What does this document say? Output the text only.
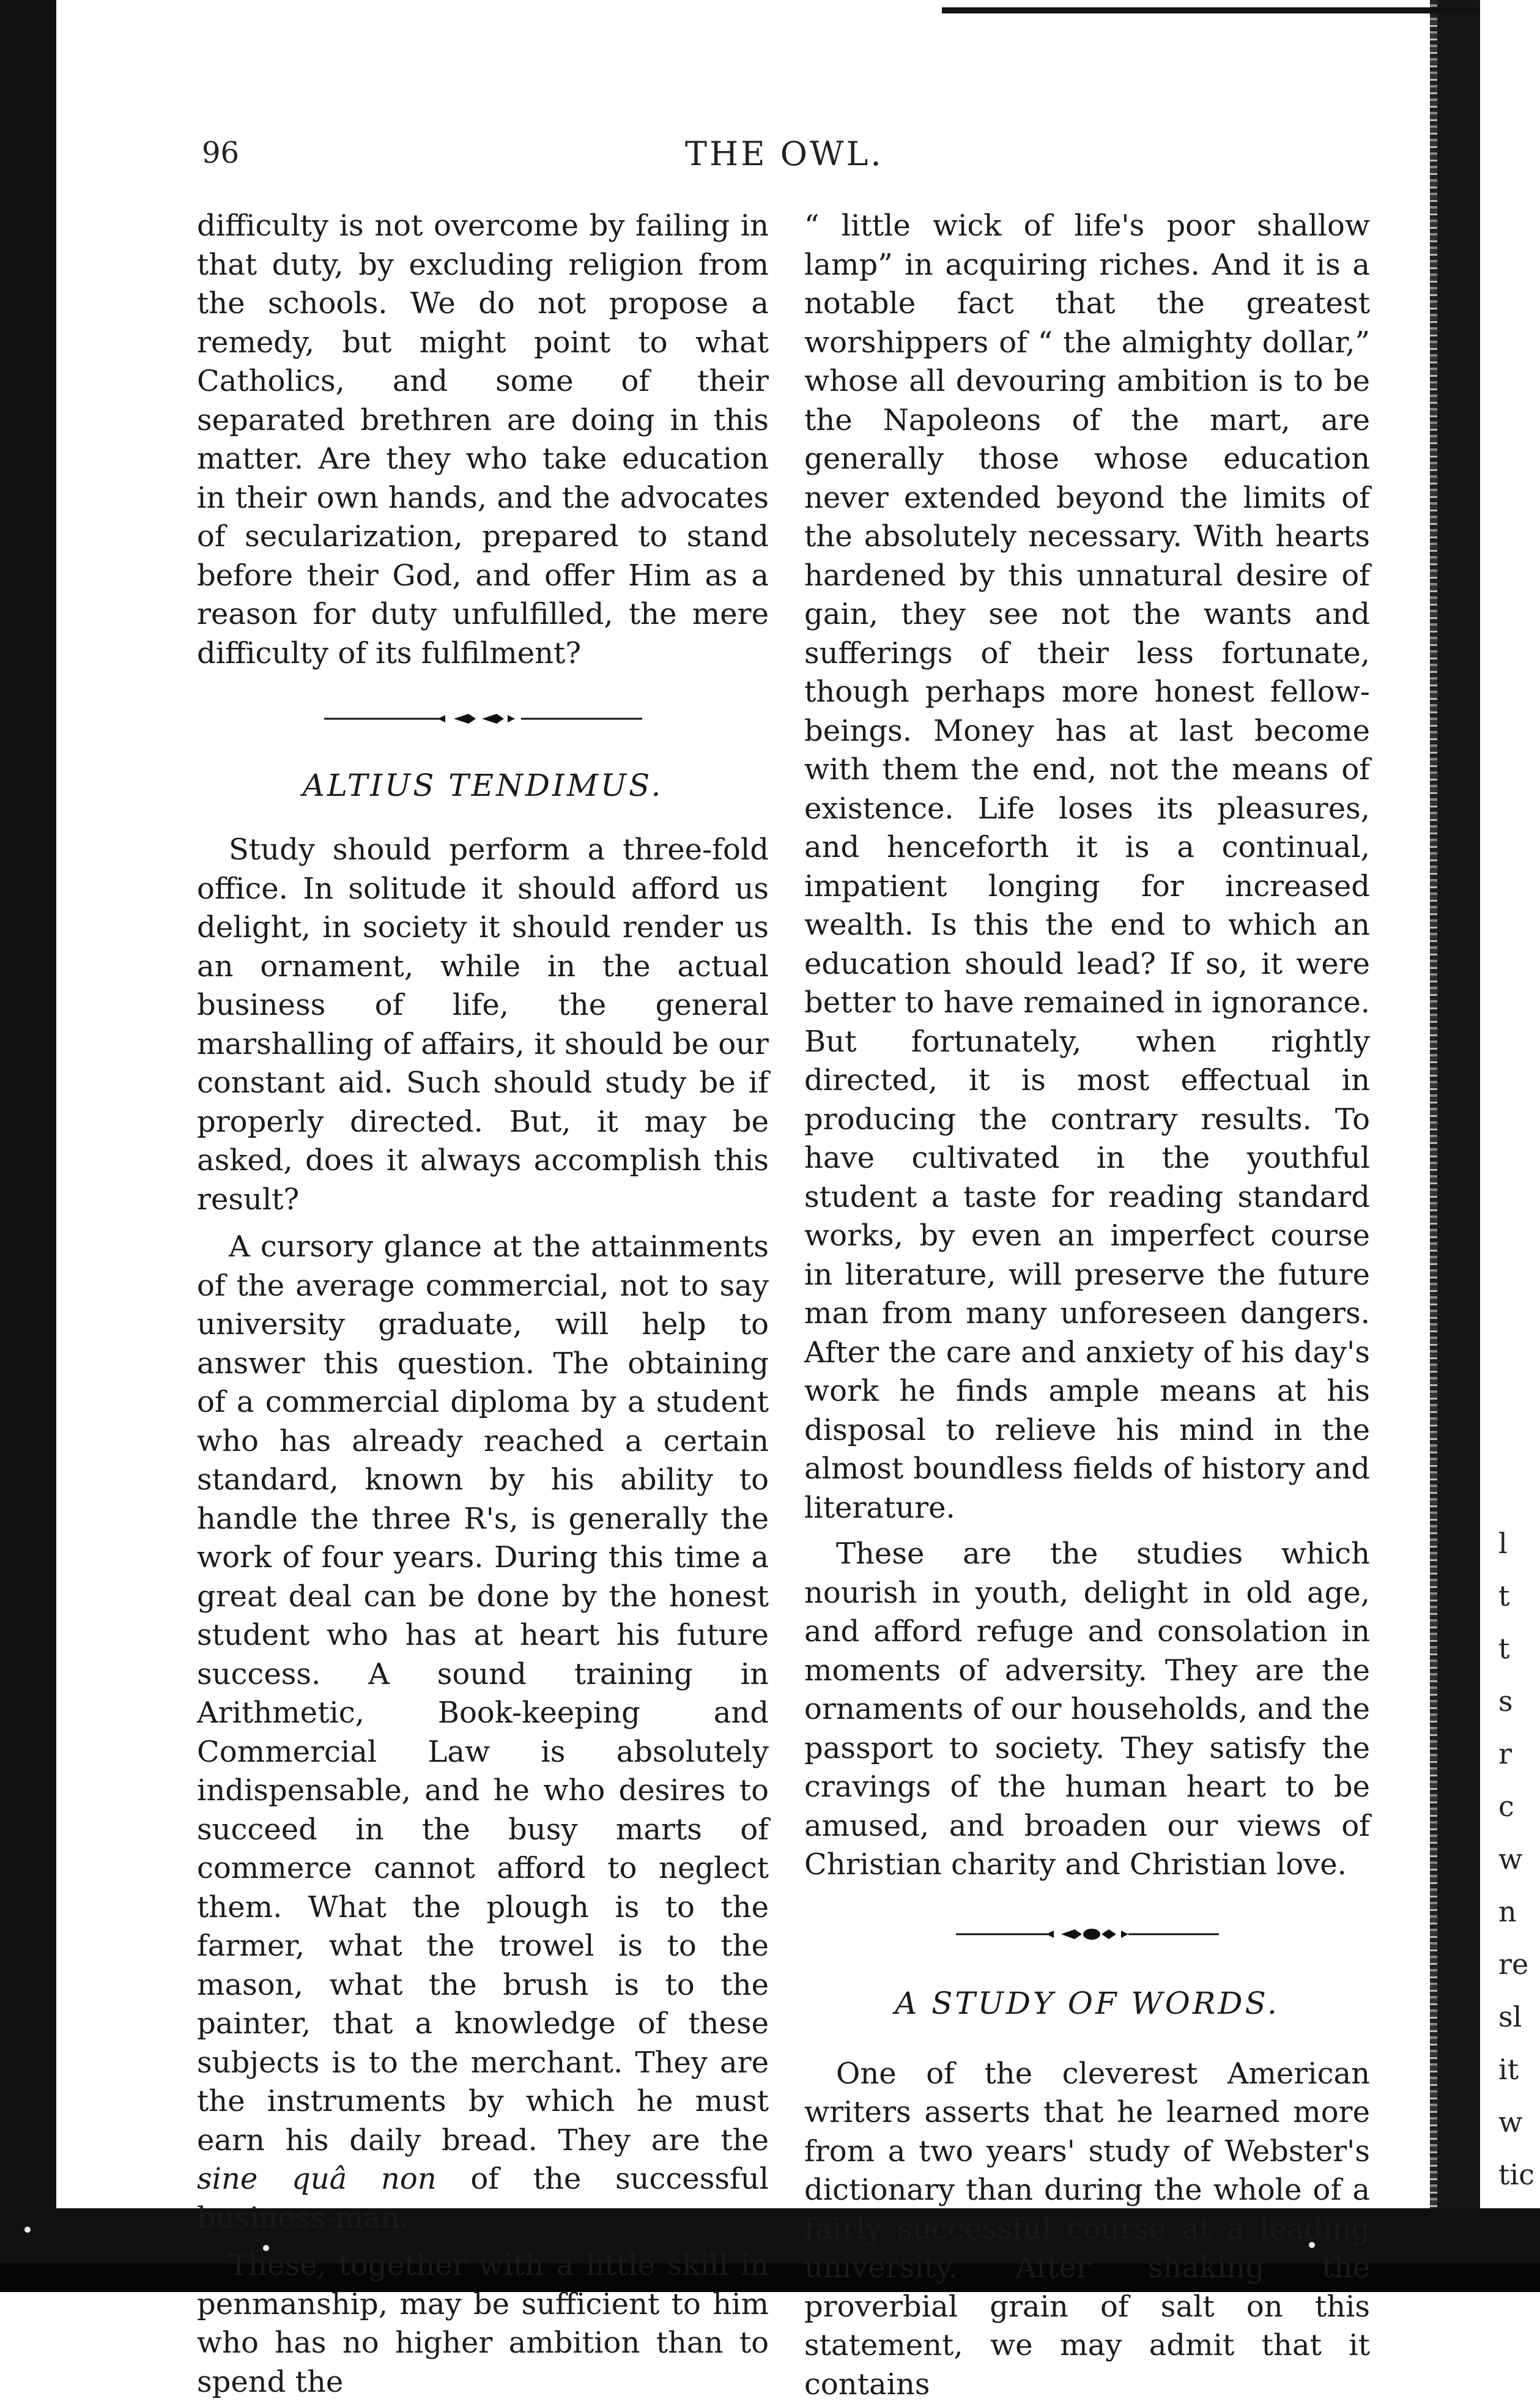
l
t
t
s
r
c
w
n
re
sl
it
w
tic
96	THE OWL.

difficulty is not overcome by failing in that duty, by excluding religion from the schools. We do not propose a remedy, but might point to what Catholics, and some of their separated brethren are doing in this matter. Are they who take education in their own hands, and the advocates of secularization, prepared to stand before their God, and offer Him as a reason for duty unfulfilled, the mere difficulty of its fulfilment?

ALTIUS TENDIMUS.

Study should perform a three-fold office. In solitude it should afford us delight, in society it should render us an ornament, while in the actual business of life, the general marshalling of affairs, it should be our constant aid. Such should study be if properly directed. But, it may be asked, does it always accomplish this result?

A cursory glance at the attainments of the average commercial, not to say university graduate, will help to answer this question. The obtaining of a commercial diploma by a student who has already reached a certain standard, known by his ability to handle the three R's, is generally the work of four years. During this time a great deal can be done by the honest student who has at heart his future success. A sound training in Arithmetic, Book-keeping and Commercial Law is absolutely indispensable, and he who desires to succeed in the busy marts of commerce cannot afford to neglect them. What the plough is to the farmer, what the trowel is to the mason, what the brush is to the painter, that a knowledge of these subjects is to the merchant. They are the instruments by which he must earn his daily bread. They are the sine quâ non of the successful business-man.

These, together with a little skill in penmanship, may be sufficient to him who has no higher ambition than to spend the

“ little wick of life's poor shallow lamp” in acquiring riches. And it is a notable fact that the greatest worshippers of “ the almighty dollar,” whose all devouring ambition is to be the Napoleons of the mart, are generally those whose education never extended beyond the limits of the absolutely necessary. With hearts hardened by this unnatural desire of gain, they see not the wants and sufferings of their less fortunate, though perhaps more honest fellow-beings. Money has at last become with them the end, not the means of existence. Life loses its pleasures, and henceforth it is a continual, impatient longing for increased wealth. Is this the end to which an education should lead? If so, it were better to have remained in ignorance. But fortunately, when rightly directed, it is most effectual in producing the contrary results. To have cultivated in the youthful student a taste for reading standard works, by even an imperfect course in literature, will preserve the future man from many unforeseen dangers. After the care and anxiety of his day's work he finds ample means at his disposal to relieve his mind in the almost boundless fields of history and literature.

These are the studies which nourish in youth, delight in old age, and afford refuge and consolation in moments of adversity. They are the ornaments of our households, and the passport to society. They satisfy the cravings of the human heart to be amused, and broaden our views of Christian charity and Christian love.

A STUDY OF WORDS.

One of the cleverest American writers asserts that he learned more from a two years' study of Webster's dictionary than during the whole of a fairly successful course at a leading university. After shaking the proverbial grain of salt on this statement, we may admit that it contains
